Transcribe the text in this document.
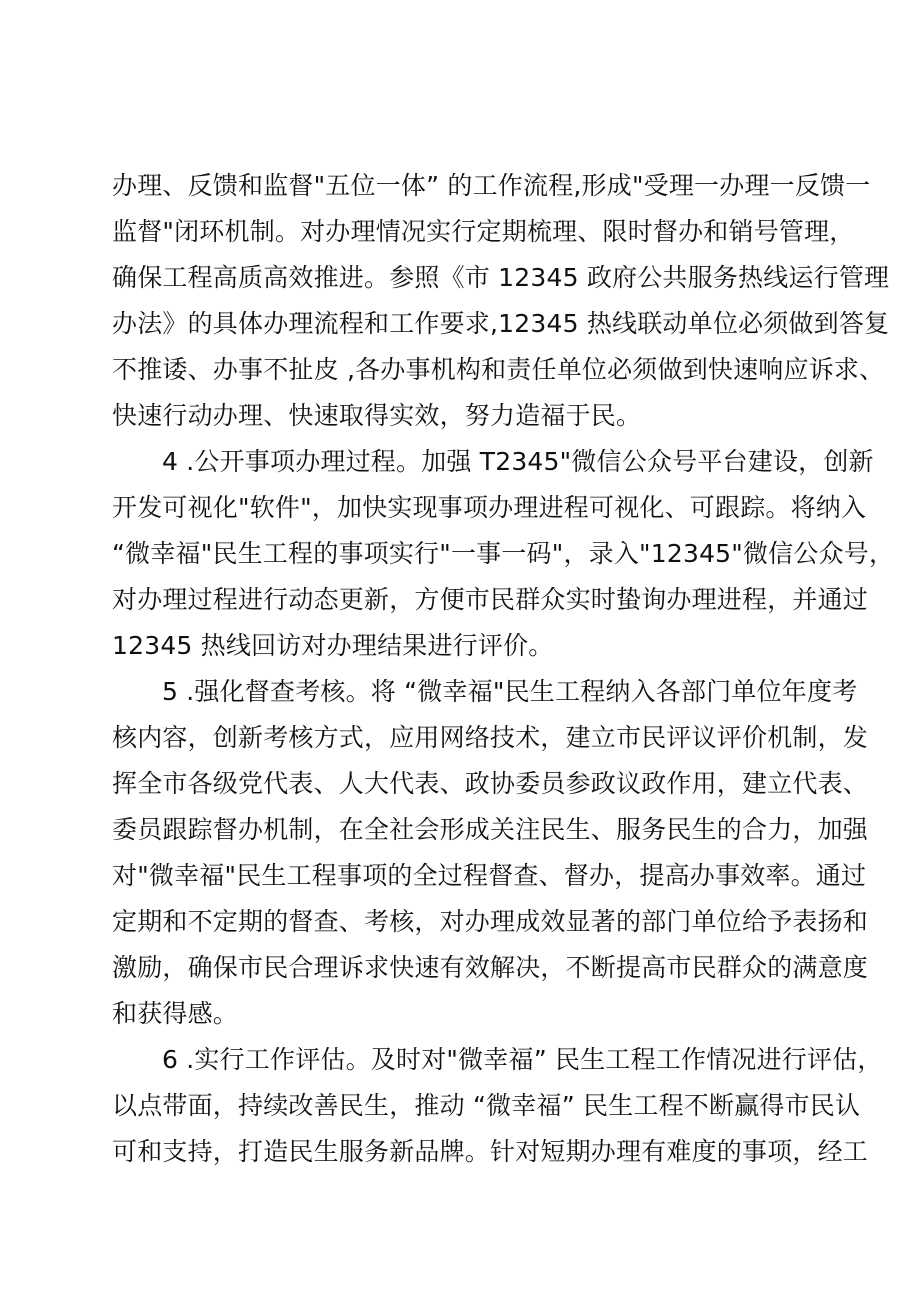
办理、反馈和监督"五位一体” 的工作流程,形成"受理一办理一反馈一
监督"闭环机制。对办理情况实行定期梳理、限时督办和销号管理，
确保工程高质高效推进。参照《市 12345 政府公共服务热线运行管理
办法》的具体办理流程和工作要求,12345 热线联动单位必须做到答复
不推诿、办事不扯皮 ,各办事机构和责任单位必须做到快速响应诉求、
快速行动办理、快速取得实效，努力造福于民。
4 .公开事项办理过程。加强 T2345"微信公众号平台建设，创新
开发可视化"软件"，加快实现事项办理进程可视化、可跟踪。将纳入
“微幸福"民生工程的事项实行"一事一码"，录入"12345"微信公众号，
对办理过程进行动态更新，方便市民群众实时蛰询办理进程，并通过
12345 热线回访对办理结果进行评价。
5 .强化督查考核。将 “微幸福"民生工程纳入各部门单位年度考
核内容，创新考核方式，应用网络技术，建立市民评议评价机制，发
挥全市各级党代表、人大代表、政协委员参政议政作用，建立代表、
委员跟踪督办机制，在全社会形成关注民生、服务民生的合力，加强
对"微幸福"民生工程事项的全过程督查、督办，提高办事效率。通过
定期和不定期的督查、考核，对办理成效显著的部门单位给予表扬和
激励，确保市民合理诉求快速有效解决，不断提高市民群众的满意度
和获得感。
6 .实行工作评估。及时对"微幸福” 民生工程工作情况进行评估，
以点带面，持续改善民生，推动 “微幸福” 民生工程不断赢得市民认
可和支持，打造民生服务新品牌。针对短期办理有难度的事项，经工
